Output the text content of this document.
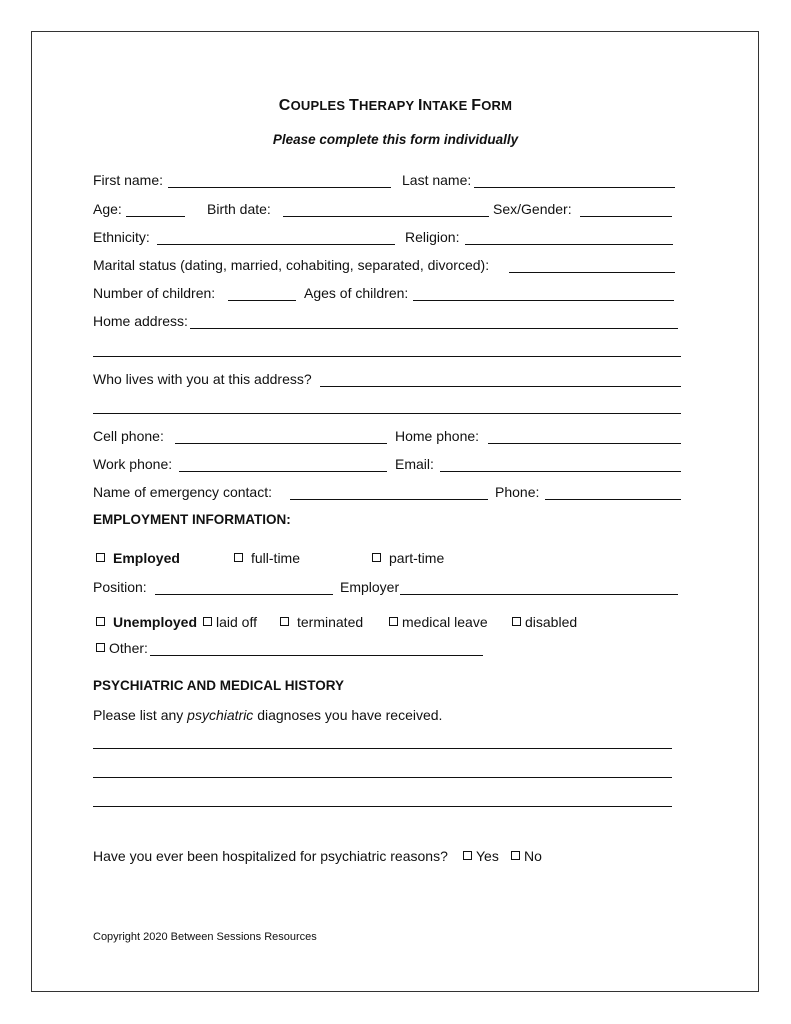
COUPLES THERAPY INTAKE FORM
Please complete this form individually
First name:	Last name:
Age:	Birth date:	Sex/Gender:
Ethnicity:	Religion:
Marital status (dating, married, cohabiting, separated, divorced):
Number of children:	Ages of children:
Home address:
Who lives with you at this address?
Cell phone:	Home phone:
Work phone:	Email:
Name of emergency contact:	Phone:
EMPLOYMENT INFORMATION:
Employed	full-time	part-time
Position:	Employer
Unemployed	laid off	terminated	medical leave	disabled
Other:
PSYCHIATRIC AND MEDICAL HISTORY
Please list any psychiatric diagnoses you have received.
Have you ever been hospitalized for psychiatric reasons?	Yes	No
Copyright 2020 Between Sessions Resources
